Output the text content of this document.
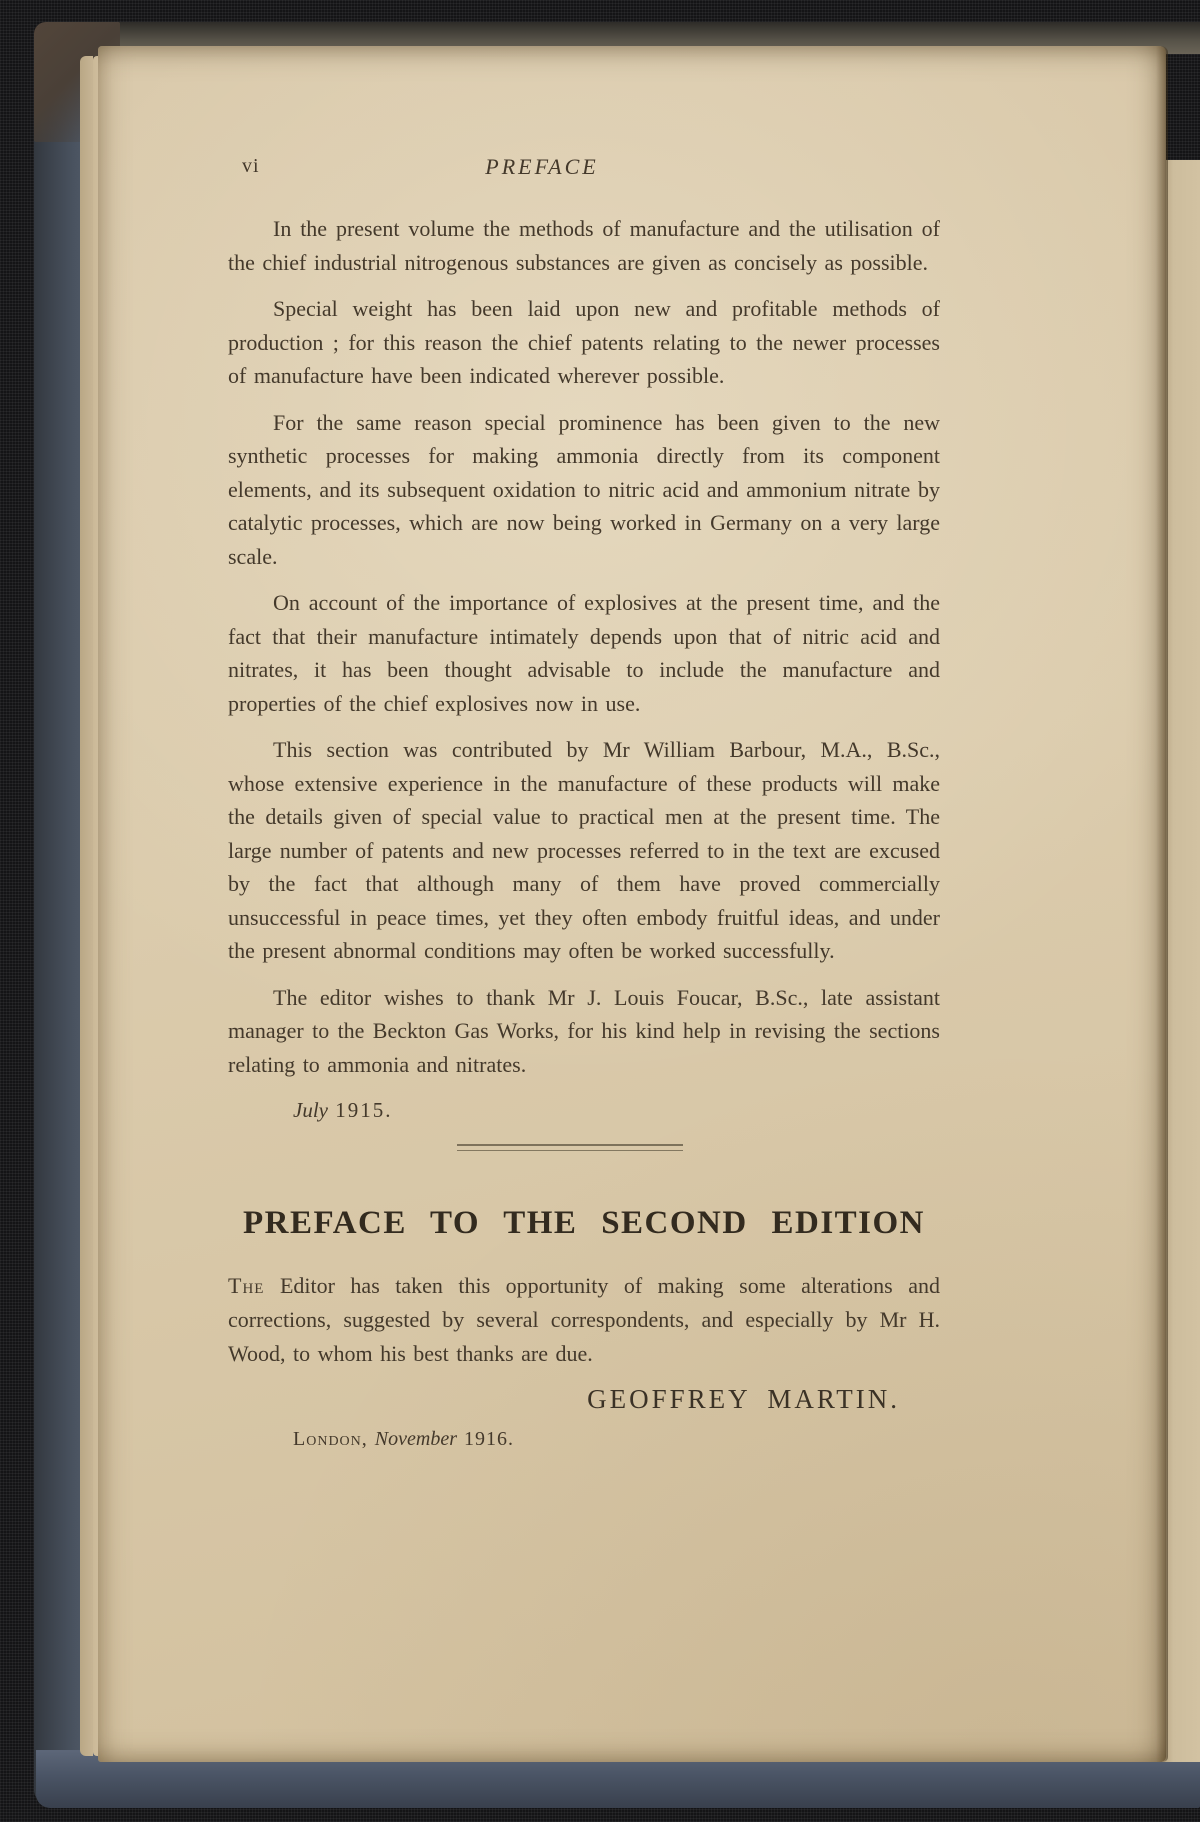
vi	PREFACE

In the present volume the methods of manufacture and the utilisation of the chief industrial nitrogenous substances are given as concisely as possible.

Special weight has been laid upon new and profitable methods of production ; for this reason the chief patents relating to the newer processes of manufacture have been indicated wherever possible.

For the same reason special prominence has been given to the new synthetic processes for making ammonia directly from its component elements, and its subsequent oxidation to nitric acid and ammonium nitrate by catalytic processes, which are now being worked in Germany on a very large scale.

On account of the importance of explosives at the present time, and the fact that their manufacture intimately depends upon that of nitric acid and nitrates, it has been thought advisable to include the manufacture and properties of the chief explosives now in use.

This section was contributed by Mr William Barbour, M.A., B.Sc., whose extensive experience in the manufacture of these products will make the details given of special value to practical men at the present time. The large number of patents and new processes referred to in the text are excused by the fact that although many of them have proved commercially unsuccessful in peace times, yet they often embody fruitful ideas, and under the present abnormal conditions may often be worked successfully.

The editor wishes to thank Mr J. Louis Foucar, B.Sc., late assistant manager to the Beckton Gas Works, for his kind help in revising the sections relating to ammonia and nitrates.

July 1915.
PREFACE TO THE SECOND EDITION

The Editor has taken this opportunity of making some alterations and corrections, suggested by several correspondents, and especially by Mr H. Wood, to whom his best thanks are due.

GEOFFREY MARTIN.
London, November 1916.
